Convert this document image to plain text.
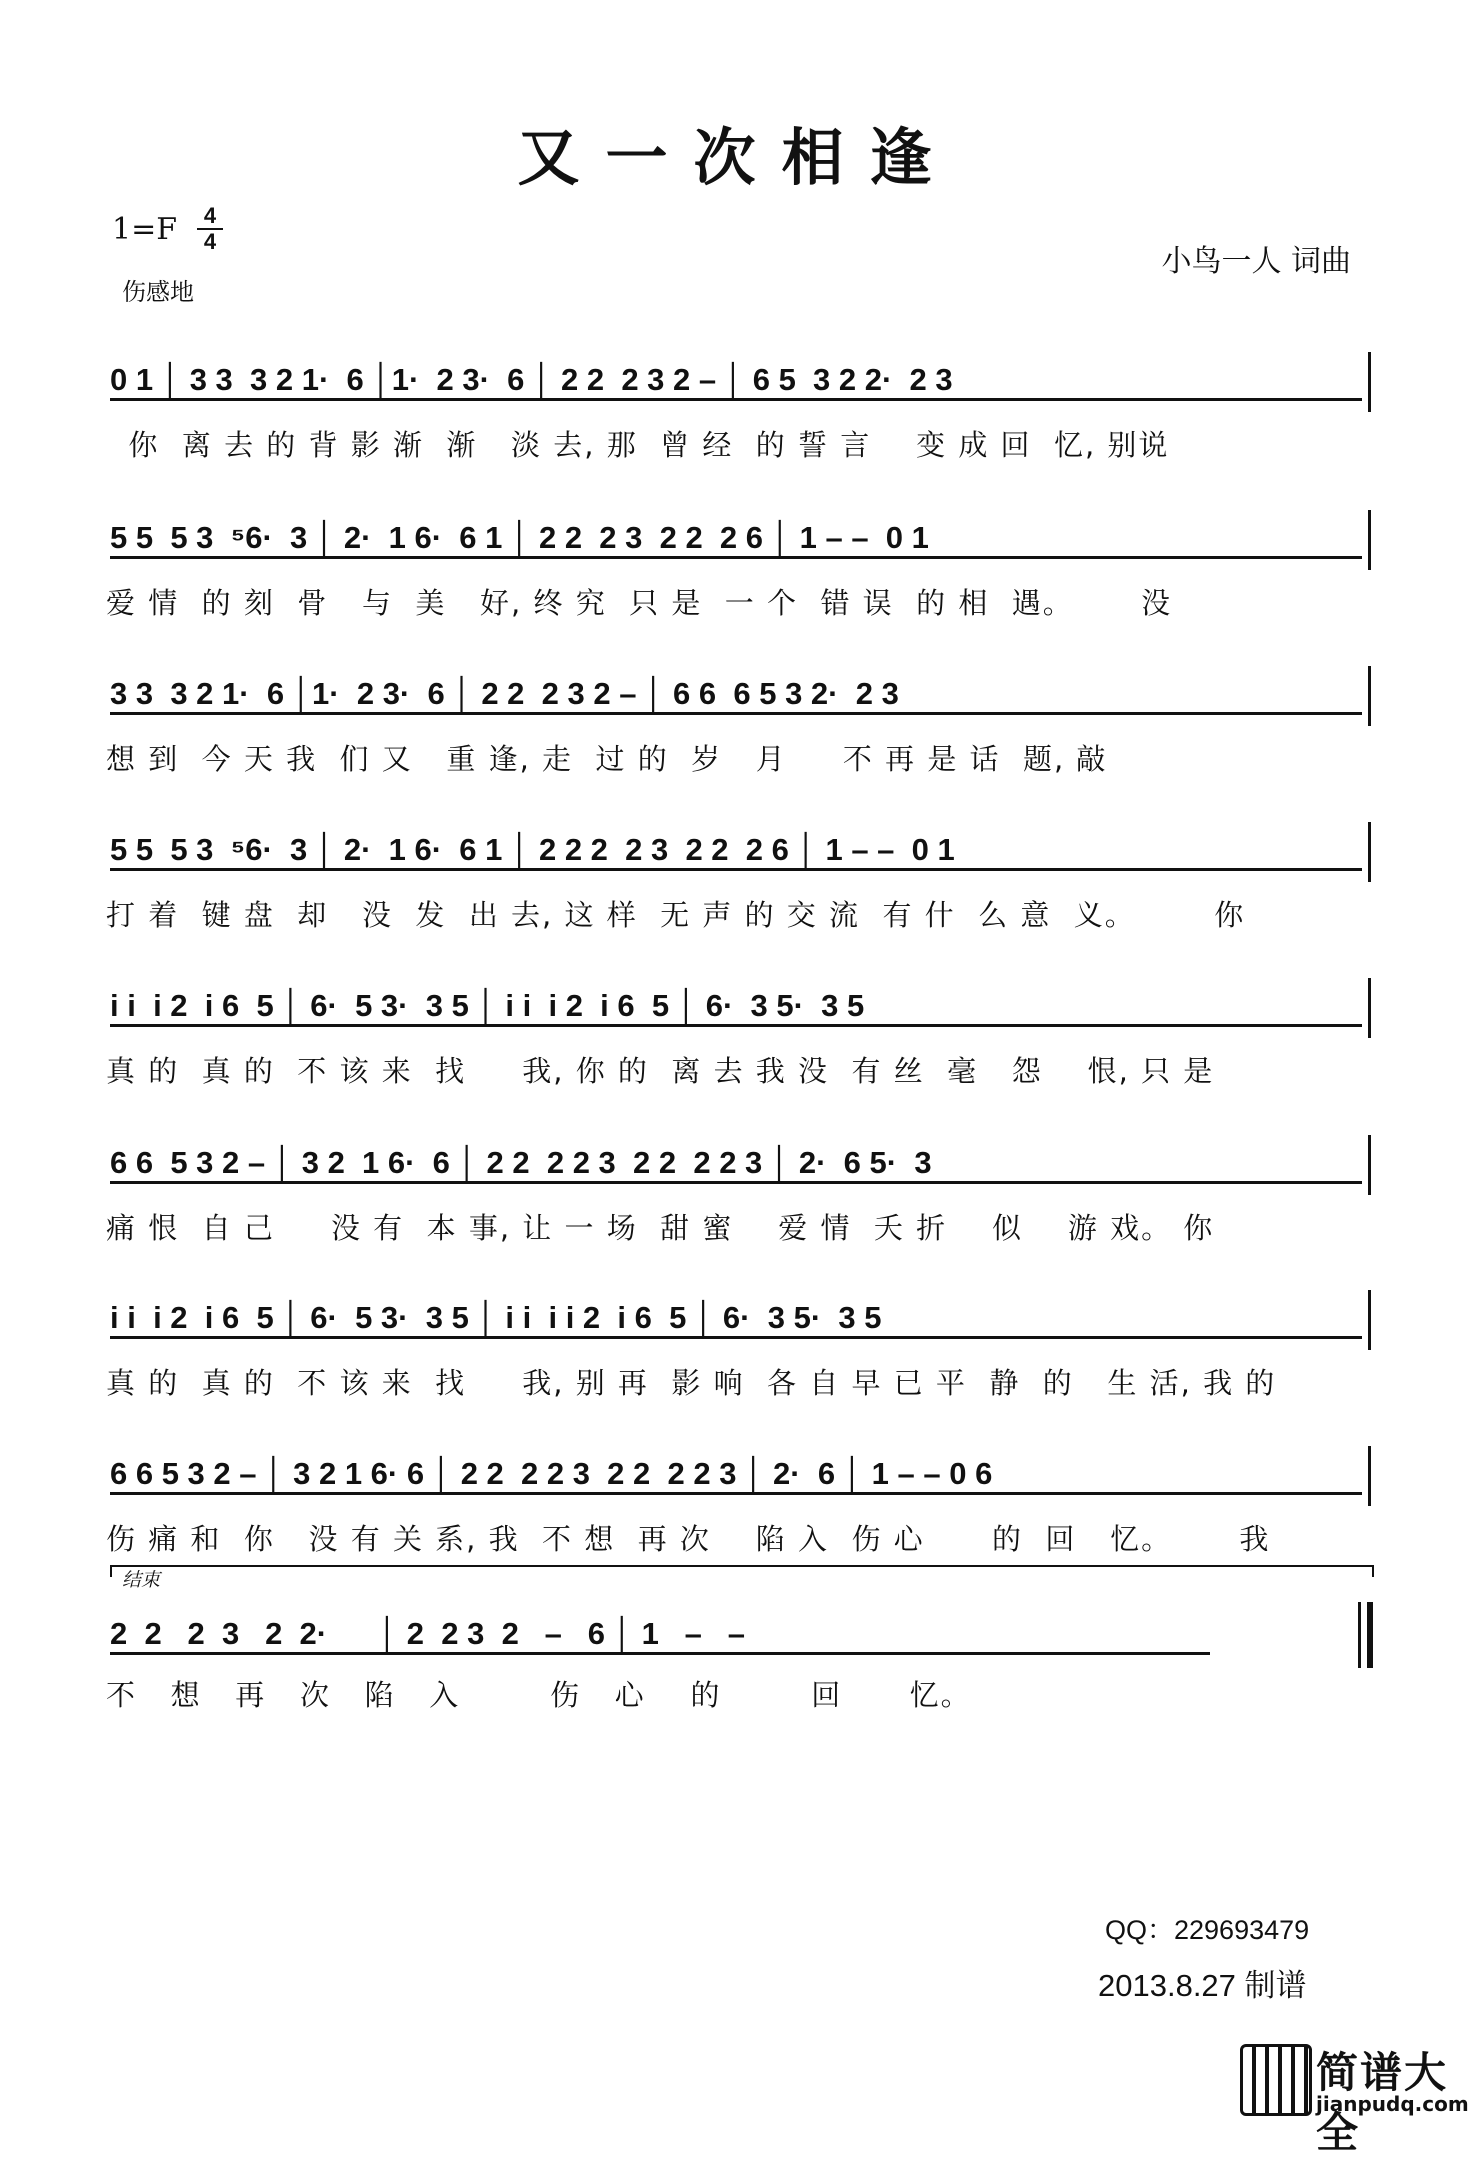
又一次相逢
1=F	4
4
伤感地
小鸟一人 词曲
0 1 │ 3 3  3 2 1·  6 │1·  2 3·  6 │ 2 2  2 3 2 – │ 6 5  3 2 2·  2 3
你  离 去 的 背 影 渐  渐   淡 去, 那  曾 经  的 誓 言    变 成 回  忆, 别说
5 5  5 3  ⁵6·  3 │ 2·  1 6·  6 1 │ 2 2  2 3  2 2  2 6 │ 1 – –  0 1
爱 情  的 刻  骨   与  美   好, 终 究  只 是  一 个  错 误  的 相  遇。      没
3 3  3 2 1·  6 │1·  2 3·  6 │ 2 2  2 3 2 – │ 6 6  6 5 3 2·  2 3
想 到  今 天 我  们 又   重 逢, 走  过 的  岁   月     不 再 是 话  题, 敲
5 5  5 3  ⁵6·  3 │ 2·  1 6·  6 1 │ 2 2 2  2 3  2 2  2 6 │ 1 – –  0 1
打 着  键 盘  却   没  发  出 去, 这 样  无 声 的 交 流  有 什  么 意  义。       你
i i  i 2  i 6  5 │ 6·  5 3·  3 5 │ i i  i 2  i 6  5 │ 6·  3 5·  3 5
真 的  真 的  不 该 来  找     我, 你 的  离 去 我 没  有 丝  毫   怨    恨, 只 是
6 6  5 3 2 – │ 3 2  1 6·  6 │ 2 2  2 2 3  2 2  2 2 3 │ 2·  6 5·  3
痛 恨  自 己     没 有  本 事, 让 一 场  甜 蜜    爱 情  夭 折    似    游 戏。 你
i i  i 2  i 6  5 │ 6·  5 3·  3 5 │ i i  i i 2  i 6  5 │ 6·  3 5·  3 5
真 的  真 的  不 该 来  找     我, 别 再  影 响  各 自 早 已 平  静  的   生 活, 我 的
6 6 5 3 2 – │ 3 2 1 6· 6 │ 2 2  2 2 3  2 2  2 2 3 │ 2·  6 │ 1 – – 0 6
伤 痛 和  你   没 有 关 系, 我  不 想  再 次    陷 入  伤 心      的  回   忆。      我
结束
2  2   2  3   2  2·      │ 2  2 3  2   –   6 │ 1   –   –
不   想   再   次   陷   入        伤   心    的        回      忆。
QQ：229693479
2013.8.27 制谱
简谱大全
jianpudq.com
